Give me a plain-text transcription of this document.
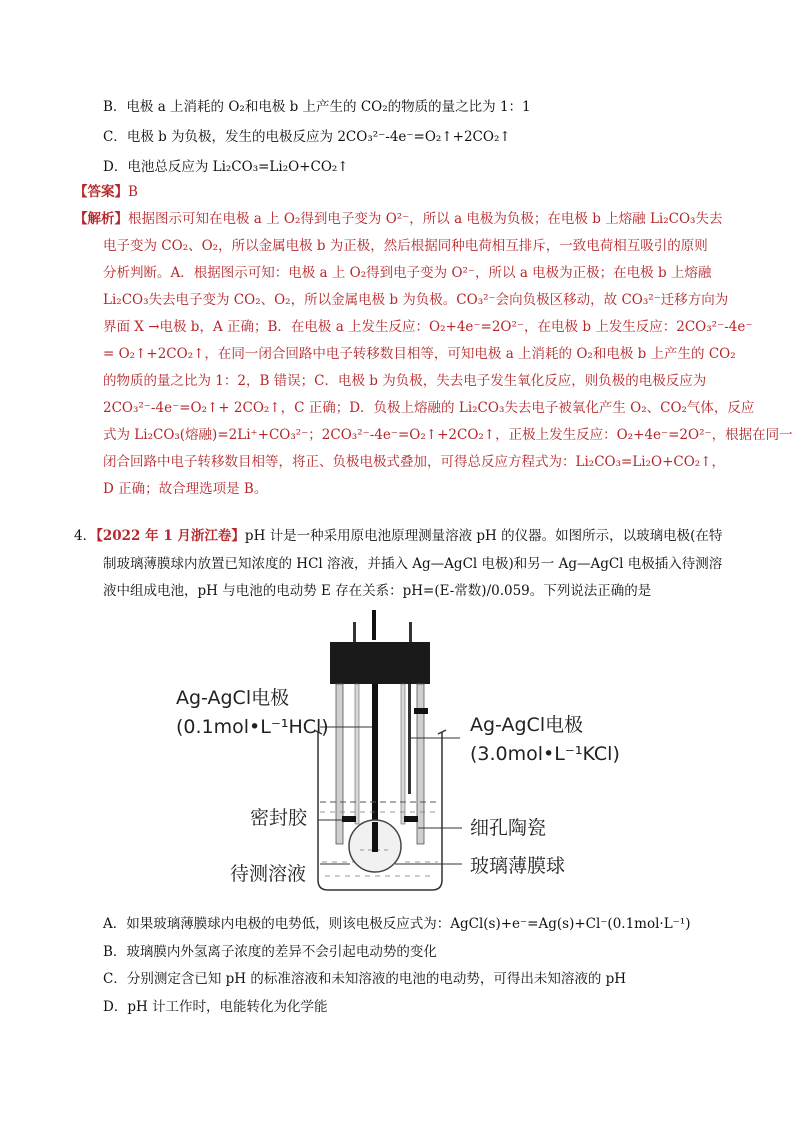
B．电极 a 上消耗的 O₂和电极 b 上产生的 CO₂的物质的量之比为 1：1
C．电极 b 为负极，发生的电极反应为 2CO₃²⁻-4e⁻=O₂↑+2CO₂↑
D．电池总反应为 Li₂CO₃=Li₂O+CO₂↑
【答案】B
【解析】根据图示可知在电极 a 上 O₂得到电子变为 O²⁻，所以 a 电极为负极；在电极 b 上熔融 Li₂CO₃失去
电子变为 CO₂、O₂，所以金属电极 b 为正极，然后根据同种电荷相互排斥，一致电荷相互吸引的原则
分析判断。A．根据图示可知：电极 a 上 O₂得到电子变为 O²⁻，所以 a 电极为正极；在电极 b 上熔融
Li₂CO₃失去电子变为 CO₂、O₂，所以金属电极 b 为负极。CO₃²⁻会向负极区移动，故 CO₃²⁻迁移方向为
界面 X →电极 b，A 正确；B．在电极 a 上发生反应：O₂+4e⁻=2O²⁻，在电极 b 上发生反应：2CO₃²⁻-4e⁻
= O₂↑+2CO₂↑，在同一闭合回路中电子转移数目相等，可知电极 a 上消耗的 O₂和电极 b 上产生的 CO₂
的物质的量之比为 1：2，B 错误；C．电极 b 为负极，失去电子发生氧化反应，则负极的电极反应为
2CO₃²⁻-4e⁻=O₂↑+ 2CO₂↑，C 正确；D．负极上熔融的 Li₂CO₃失去电子被氧化产生 O₂、CO₂气体，反应
式为 Li₂CO₃(熔融)=2Li⁺+CO₃²⁻；2CO₃²⁻-4e⁻=O₂↑+2CO₂↑，正极上发生反应：O₂+4e⁻=2O²⁻，根据在同一
闭合回路中电子转移数目相等，将正、负极电极式叠加，可得总反应方程式为：Li₂CO₃=Li₂O+CO₂↑，
D 正确；故合理选项是 B。
4．【2022 年 1 月浙江卷】pH 计是一种采用原电池原理测量溶液 pH 的仪器。如图所示，以玻璃电极(在特
制玻璃薄膜球内放置已知浓度的 HCl 溶液，并插入 Ag—AgCl 电极)和另一 Ag—AgCl 电极插入待测溶
液中组成电池，pH 与电池的电动势 E 存在关系：pH=(E-常数)/0.059。下列说法正确的是
Ag-AgCl电极
(0.1mol•L⁻¹HCl)	Ag-AgCl电极
(3.0mol•L⁻¹KCl)
密封胶	细孔陶瓷
待测溶液	玻璃薄膜球
A．如果玻璃薄膜球内电极的电势低，则该电极反应式为：AgCl(s)+e⁻=Ag(s)+Cl⁻(0.1mol·L⁻¹)
B．玻璃膜内外氢离子浓度的差异不会引起电动势的变化
C．分别测定含已知 pH 的标准溶液和未知溶液的电池的电动势，可得出未知溶液的 pH
D．pH 计工作时，电能转化为化学能
